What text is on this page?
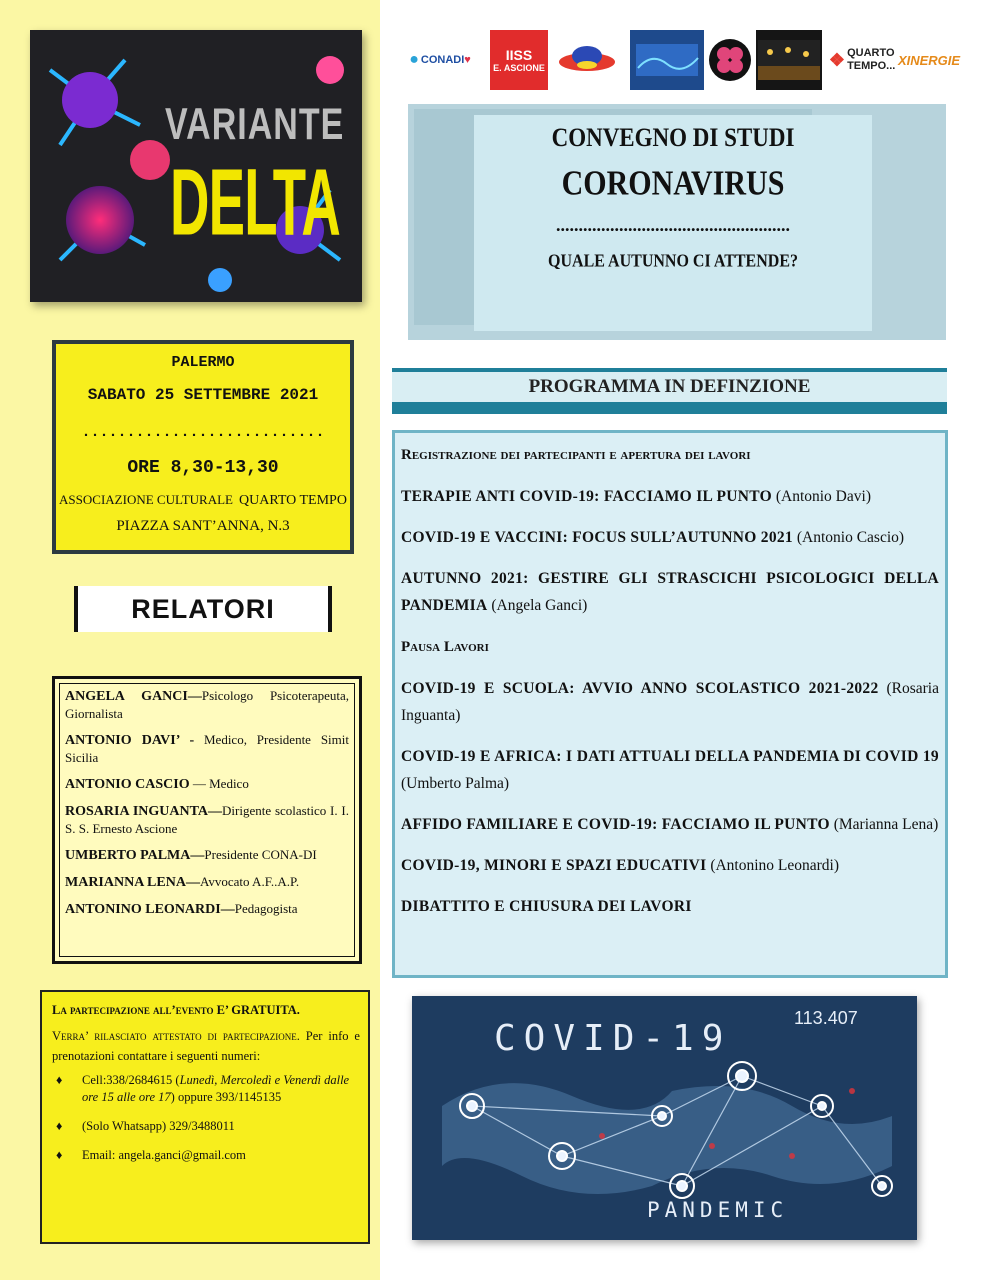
VARIANTE
DELTA
● CONADI ♥ IISS
E. ASCIONE	❖ QUARTO TEMPO... XINERGIE
CONVEGNO DI STUDI
CORONAVIRUS
....................................................
QUALE AUTUNNO CI ATTENDE?
PALERMO
SABATO 25 SETTEMBRE 2021
...........................
ORE 8,30-13,30
ASSOCIAZIONE CULTURALE QUARTO TEMPO
PIAZZA SANT’ANNA, N.3
RELATORI

ANGELA GANCI—Psicologo Psicoterapeuta, Giornalista

ANTONIO DAVI’ - Medico, Presidente Simit Sicilia

ANTONIO CASCIO — Medico

ROSARIA INGUANTA—Dirigente scolastico I. I. S. S. Ernesto Ascione

UMBERTO PALMA—Presidente CONA-DI

MARIANNA LENA—Avvocato A.F..A.P.

ANTONINO LEONARDI—Pedagogista

La partecipazione all’evento E’ GRATUITA.

Verra’ rilasciato attestato di partecipazione. Per info e prenotazioni contattare i seguenti numeri:

♦ Cell:338/2684615 (Lunedì, Mercoledì e Venerdì dalle ore 15 alle ore 17) oppure 393/1145135
♦ (Solo Whatsapp) 329/3488011
♦ Email: angela.ganci@gmail.com
PROGRAMMA IN DEFINZIONE

Registrazione dei partecipanti e apertura dei lavori

TERAPIE ANTI COVID-19: FACCIAMO IL PUNTO (Antonio Davi)

COVID-19 E VACCINI: FOCUS SULL’AUTUNNO 2021 (Antonio Cascio)

AUTUNNO 2021: GESTIRE GLI STRASCICHI PSICOLOGICI DELLA PANDEMIA (Angela Ganci)

Pausa Lavori

COVID-19 E SCUOLA: AVVIO ANNO SCOLASTICO 2021-2022 (Rosaria Inguanta)

COVID-19 E AFRICA: I DATI ATTUALI DELLA PANDEMIA DI COVID 19 (Umberto Palma)

AFFIDO FAMILIARE E COVID-19: FACCIAMO IL PUNTO (Marianna Lena)

COVID-19, MINORI E SPAZI EDUCATIVI (Antonino Leonardi)

DIBATTITO E CHIUSURA DEI LAVORI

COVID-19	113.407
PANDEMIC
